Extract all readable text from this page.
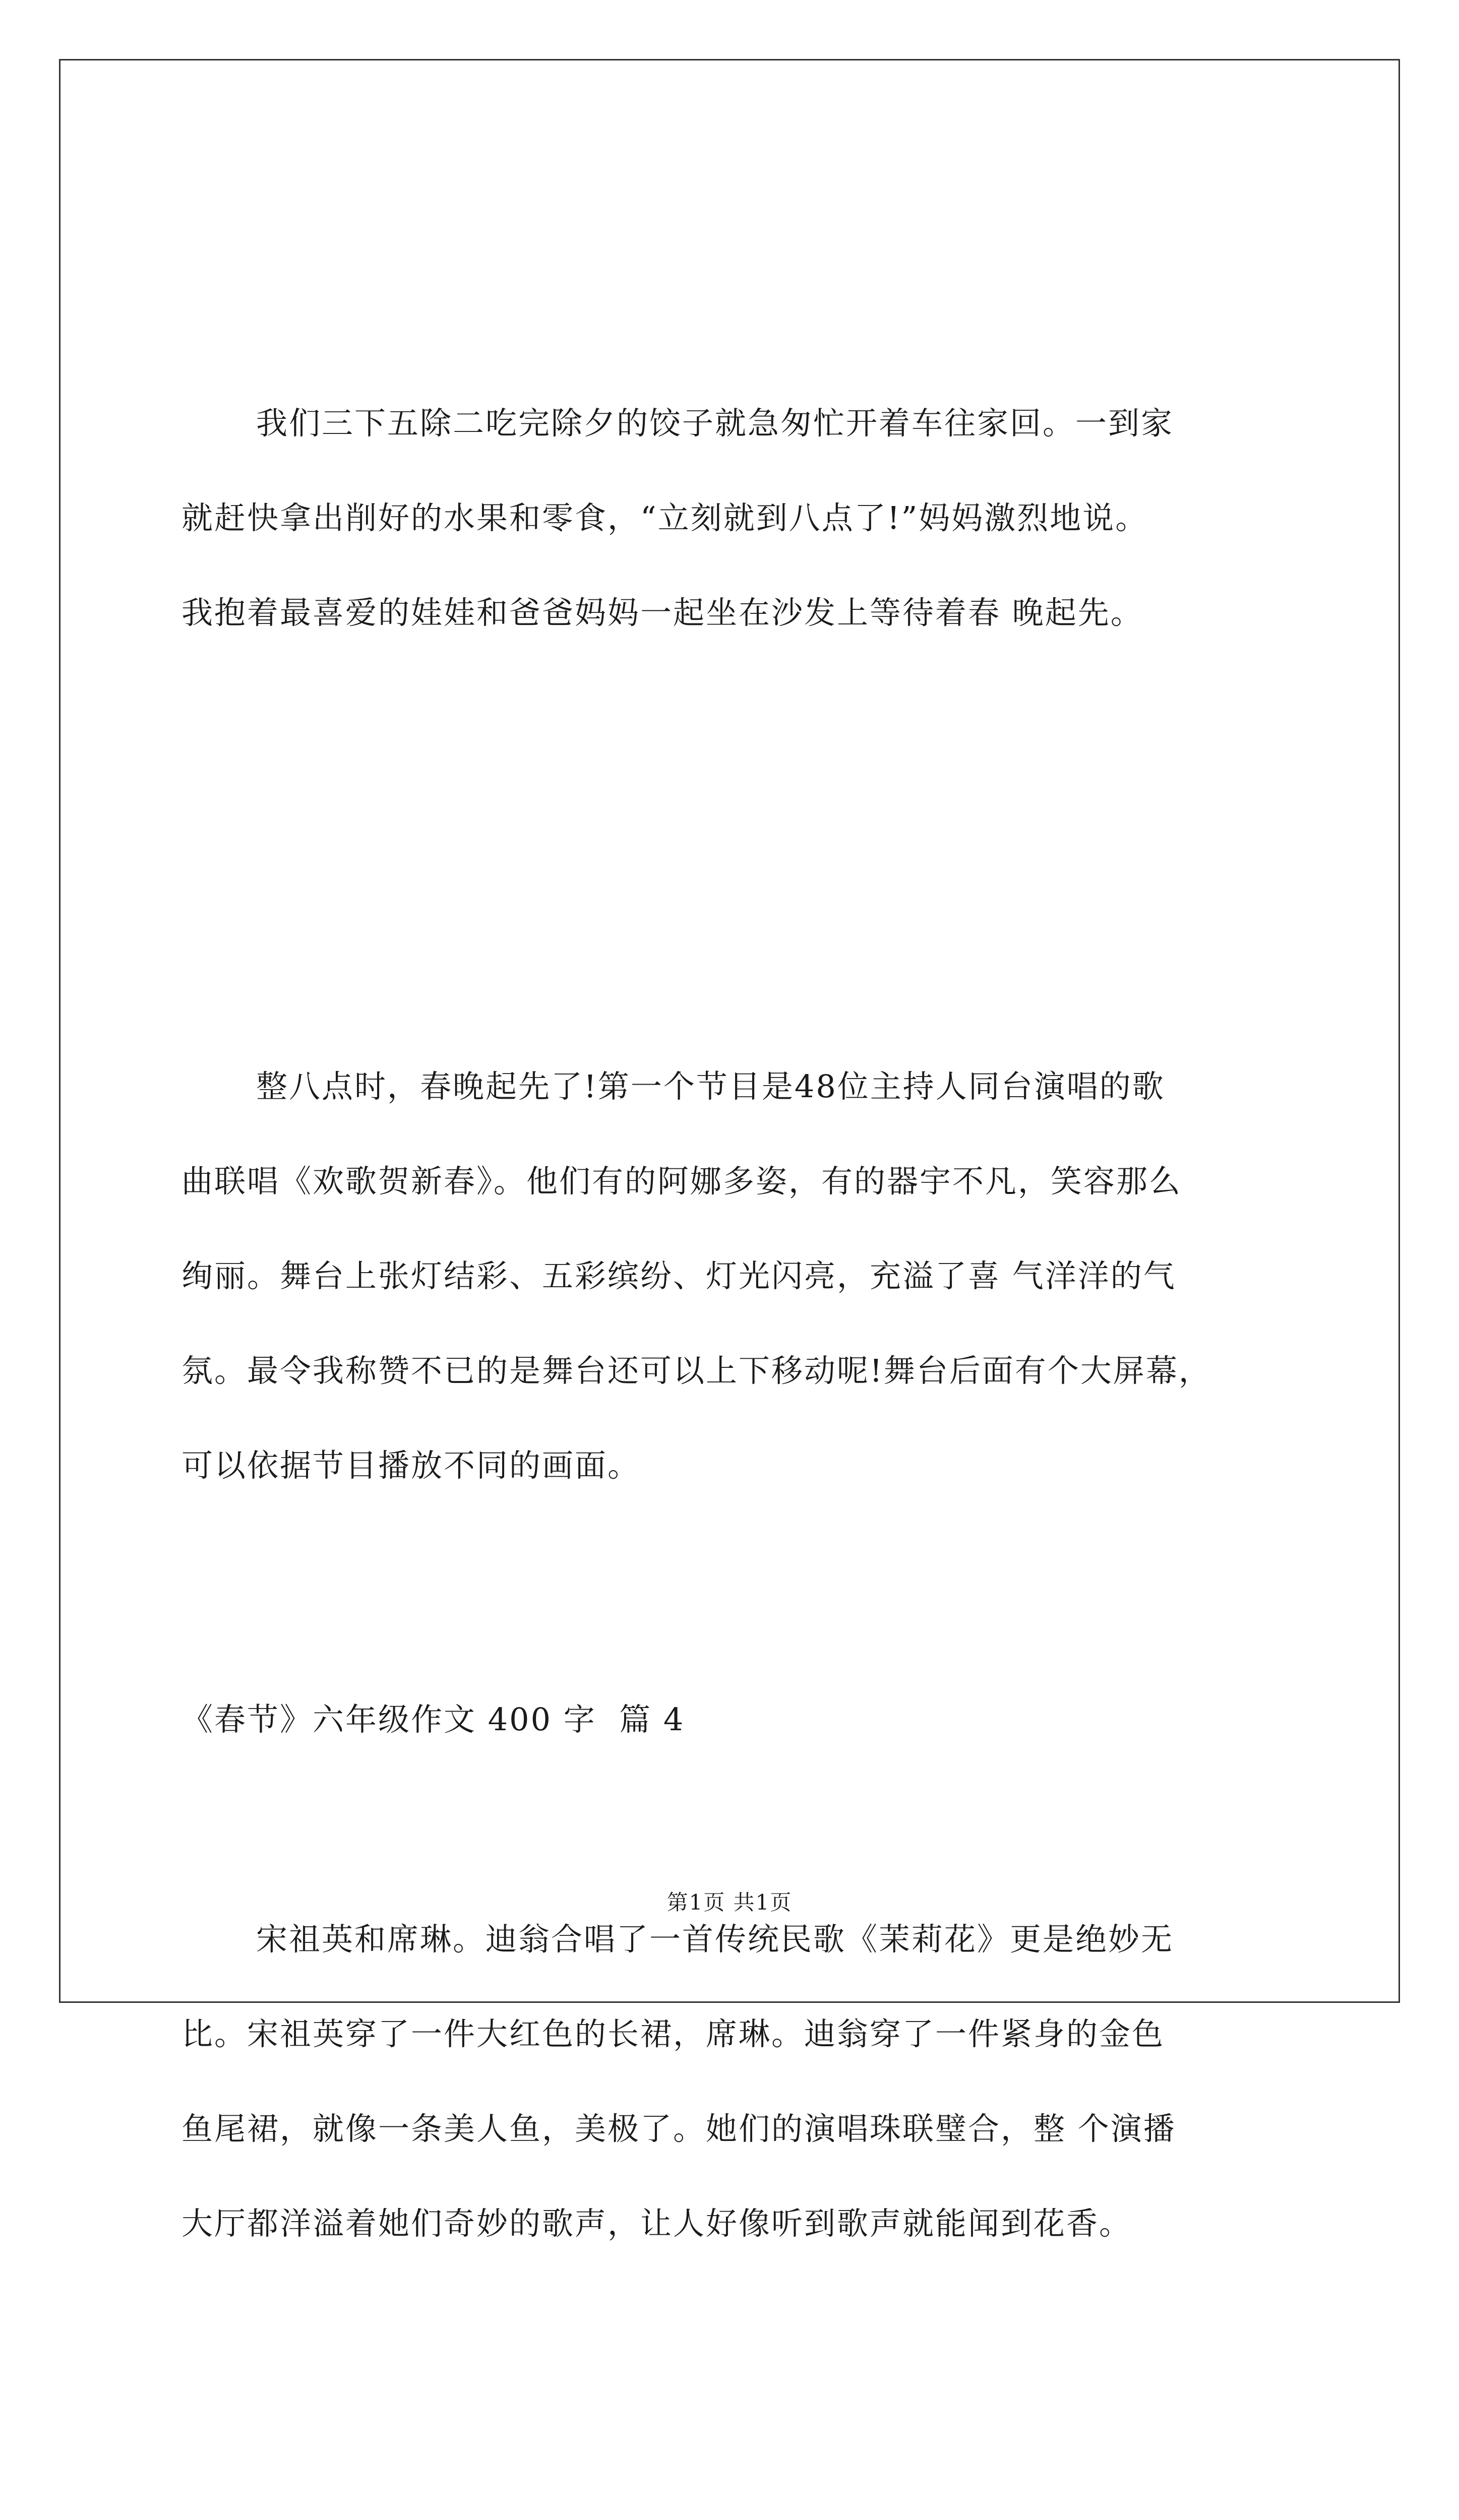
我们三下五除二吃完除夕的饺子就急匆忙开着车往家回。一到家
就赶快拿出削好的水果和零食，“立刻就到八点了!”妈妈激烈地说。
我抱着最喜爱的娃娃和爸爸妈妈一起坐在沙发上等待着春 晚起先。

整八点时，春晚起先了!第一个节目是48位主持人同台演唱的歌
曲联唱《欢歌贺新春》。他们有的阿娜多姿，有的器宇不凡，笑容那么
绚丽。舞台上张灯结彩、五彩缤纷、灯光闪亮，充溢了喜 气洋洋的气
氛。最令我称赞不已的是舞台还可以上下移动呢!舞台后面有个大屏幕，
可以依据节目播放不同的画面。

宋祖英和席琳。迪翁合唱了一首传统民歌《茉莉花》更是绝妙无
比。宋祖英穿了一件大红色的长裙，席琳。迪翁穿了一件紧身的金色
鱼尾裙，就像一条美人鱼，美极了。她们的演唱珠联璧合，整 个演播
大厅都洋溢着她们奇妙的歌声，让人好像听到歌声就能闻到花香。

《春节》六年级作文 400 字  篇 4
第1页 共1页
